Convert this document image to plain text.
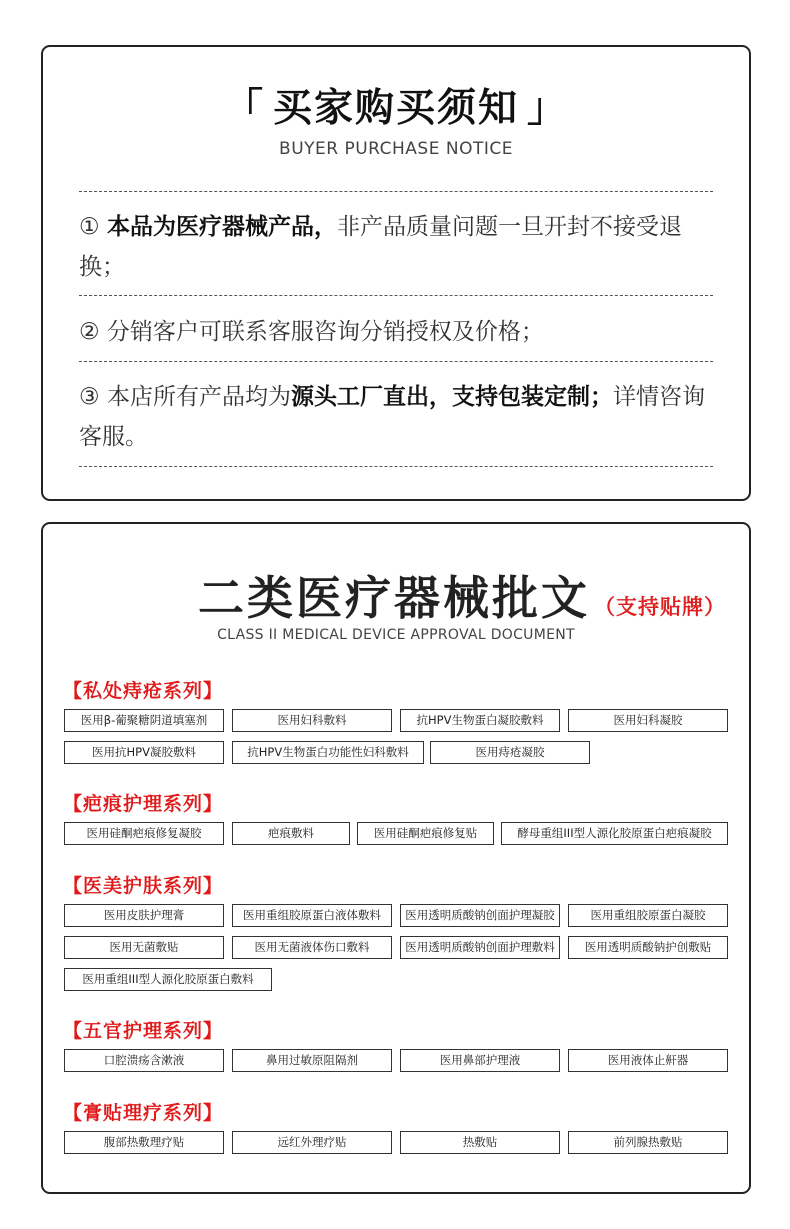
「 买家购买须知 」
BUYER PURCHASE NOTICE
① 本品为医疗器械产品，非产品质量问题一旦开封不接受退换；
② 分销客户可联系客服咨询分销授权及价格；
③ 本店所有产品均为源头工厂直出，支持包装定制；详情咨询客服。
二类医疗器械批文 （支持贴牌）
CLASS II MEDICAL DEVICE APPROVAL DOCUMENT
【私处痔疮系列】
医用β-葡聚糖阴道填塞剂	医用妇科敷料	抗HPV生物蛋白凝胶敷料	医用妇科凝胶
医用抗HPV凝胶敷料	抗HPV生物蛋白功能性妇科敷料	医用痔疮凝胶
【疤痕护理系列】
医用硅酮疤痕修复凝胶	疤痕敷料	医用硅酮疤痕修复贴	酵母重组III型人源化胶原蛋白疤痕凝胶
【医美护肤系列】
医用皮肤护理膏	医用重组胶原蛋白液体敷料	医用透明质酸钠创面护理凝胶	医用重组胶原蛋白凝胶
医用无菌敷贴	医用无菌液体伤口敷料	医用透明质酸钠创面护理敷料	医用透明质酸钠护创敷贴
医用重组III型人源化胶原蛋白敷料
【五官护理系列】
口腔溃疡含漱液	鼻用过敏原阻隔剂	医用鼻部护理液	医用液体止鼾器
【膏贴理疗系列】
腹部热敷理疗贴	远红外理疗贴	热敷贴	前列腺热敷贴
